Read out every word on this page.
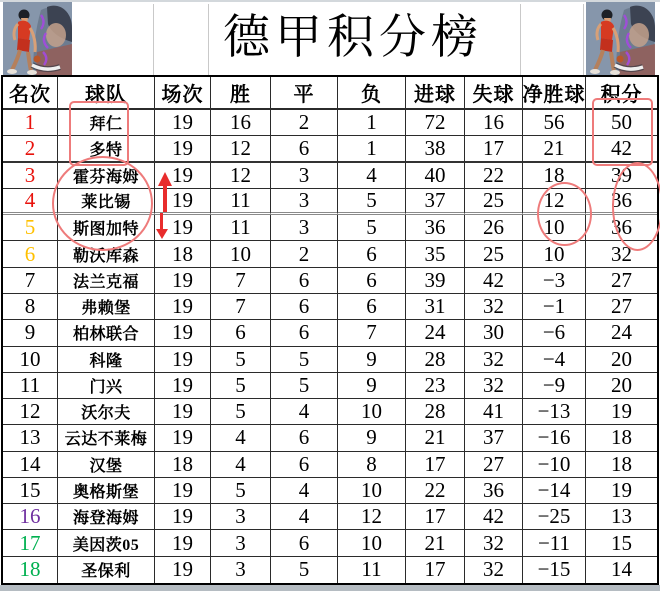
德甲积分榜
名次	球队	场次	胜	平	负	进球 失球 净胜球 积分
1	拜仁	19	16	2	1	72	16	56	50
2	多特	19	12	6	1	38	17	21	42
3	霍芬海姆	19	12	3	4	40	22	18	39
4	莱比锡	19	11	3	5	37	25	12	36
5	斯图加特	19	11	3	5	36	26	10	36
6	勒沃库森	18	10	2	6	35	25	10	32
7	法兰克福	19	7	6	6	39	42	−3	27
8	弗赖堡	19	7	6	6	31	32	−1	27
9	柏林联合	19	6	6	7	24	30	−6	24
10	科隆	19	5	5	9	28	32	−4	20
11	门兴	19	5	5	9	23	32	−9	20
12	沃尔夫	19	5	4	10	28	41	−13	19
13	云达不莱梅	19	4	6	9	21	37	−16	18
14	汉堡	18	4	6	8	17	27	−10	18
15	奥格斯堡	19	5	4	10	22	36	−14	19
16	海登海姆	19	3	4	12	17	42	−25	13
17	美因茨05	19	3	6	10	21	32	−11	15
18	圣保利	19	3	5	11	17	32	−15	14
